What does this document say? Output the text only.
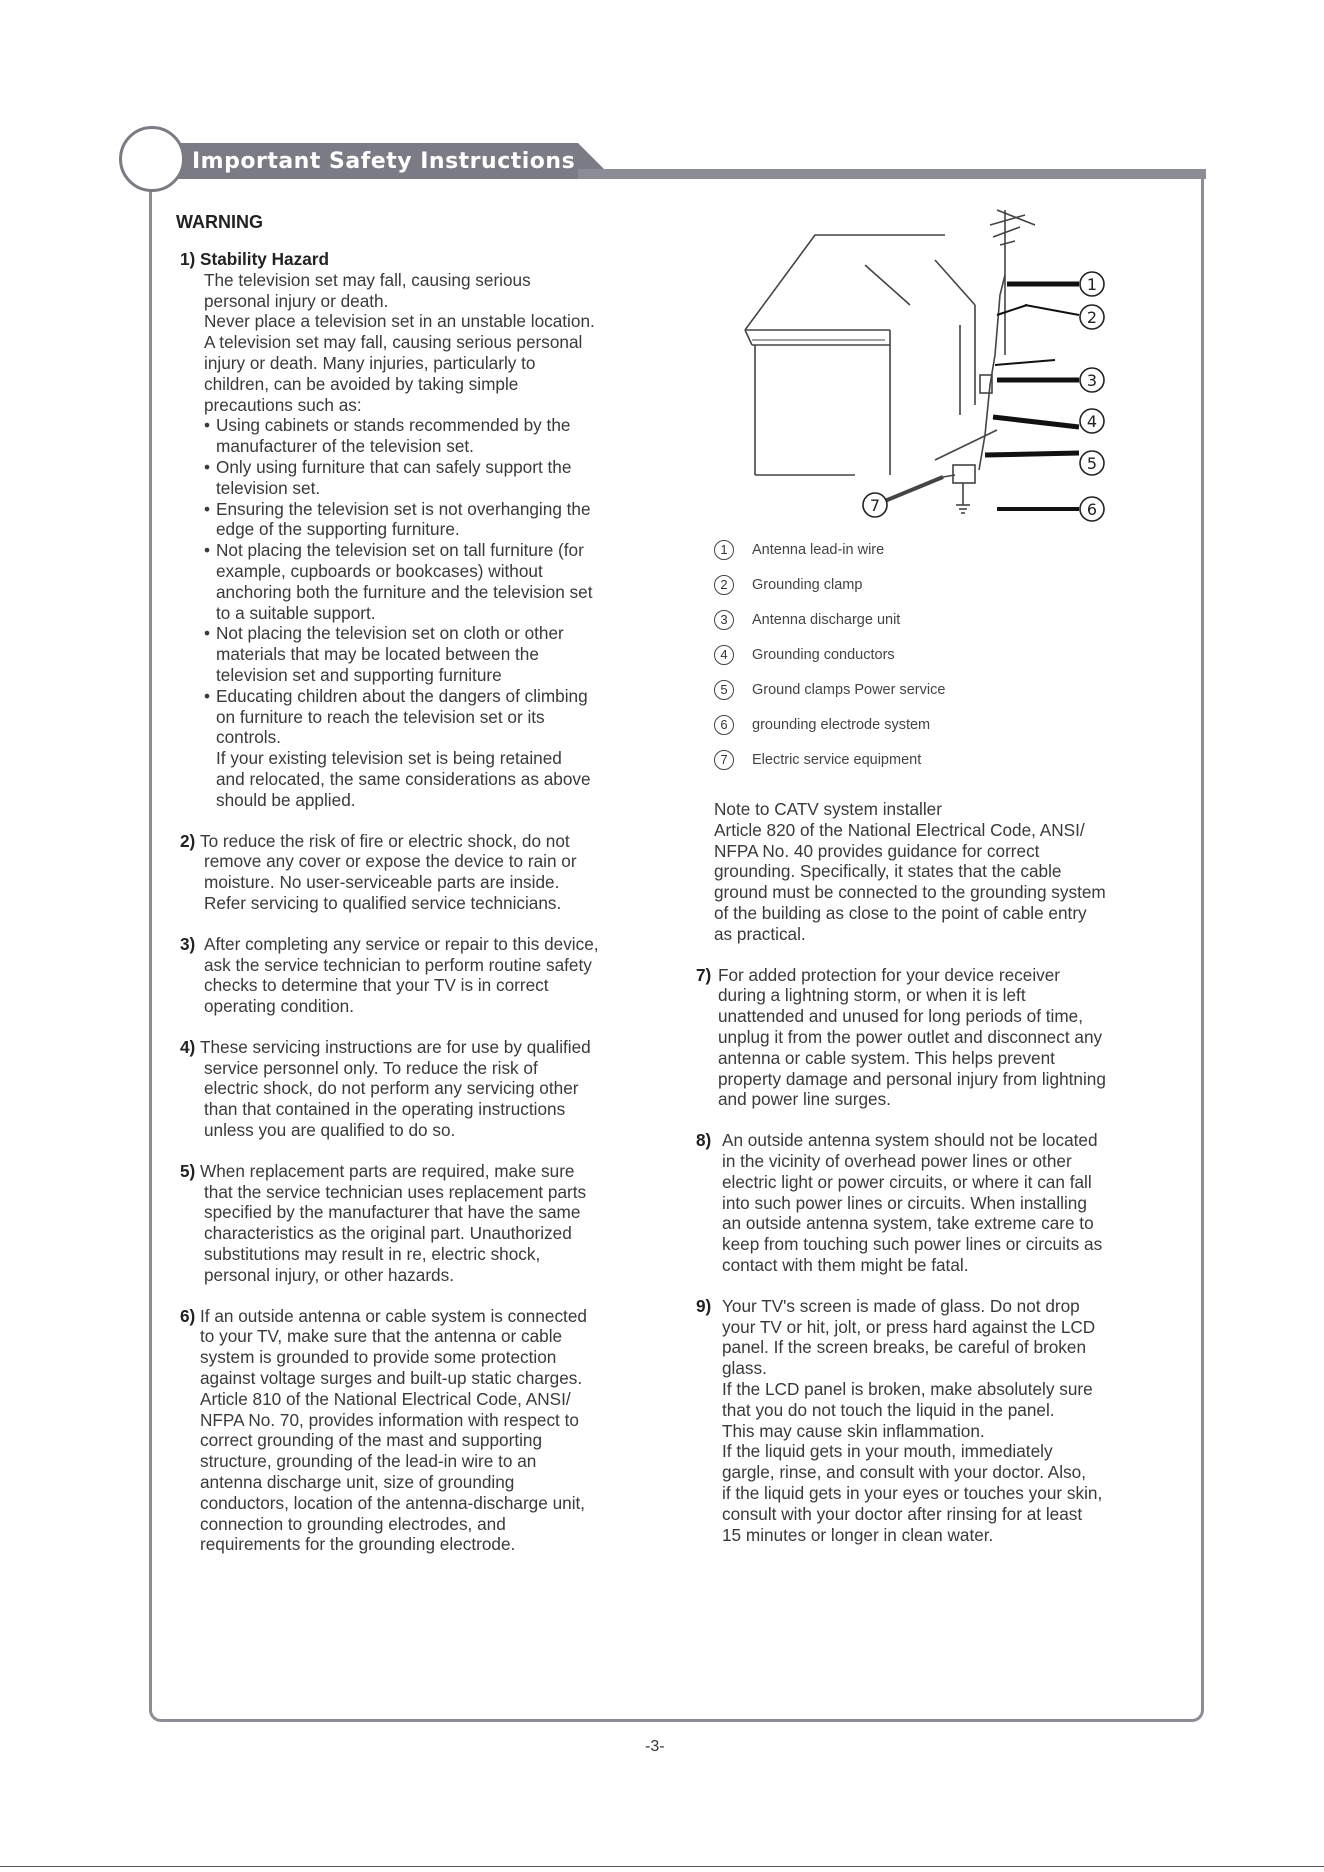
Important Safety Instructions
WARNING
1) Stability Hazard

The television set may fall, causing serious

personal injury or death.

Never place a television set in an unstable location.

A television set may fall, causing serious personal

injury or death. Many injuries, particularly to

children, can be avoided by taking simple

precautions such as:

• Using cabinets or stands recommended by the

manufacturer of the television set.

• Only using furniture that can safely support the

television set.

• Ensuring the television set is not overhanging the

edge of the supporting furniture.

• Not placing the television set on tall furniture (for

example, cupboards or bookcases) without

anchoring both the furniture and the television set

to a suitable support.

• Not placing the television set on cloth or other

materials that may be located between the

television set and supporting furniture

• Educating children about the dangers of climbing

on furniture to reach the television set or its

controls.

If your existing television set is being retained

and relocated, the same considerations as above

should be applied.

2) To reduce the risk of fire or electric shock, do not

remove any cover or expose the device to rain or

moisture. No user-serviceable parts are inside.

Refer servicing to qualified service technicians.

3) After completing any service or repair to this device,

ask the service technician to perform routine safety

checks to determine that your TV is in correct

operating condition.

4) These servicing instructions are for use by qualified

service personnel only. To reduce the risk of

electric shock, do not perform any servicing other

than that contained in the operating instructions

unless you are qualified to do so.

5) When replacement parts are required, make sure

that the service technician uses replacement parts

specified by the manufacturer that have the same

characteristics as the original part. Unauthorized

substitutions may result in re, electric shock,

personal injury, or other hazards.

6) If an outside antenna or cable system is connected

to your TV, make sure that the antenna or cable

system is grounded to provide some protection

against voltage surges and built-up static charges.

Article 810 of the National Electrical Code, ANSI/

NFPA No. 70, provides information with respect to

correct grounding of the mast and supporting

structure, grounding of the lead-in wire to an

antenna discharge unit, size of grounding

conductors, location of the antenna-discharge unit,

connection to grounding electrodes, and

requirements for the grounding electrode.

1
2
3
4
5
6
7
1	Antenna lead-in wire
2	Grounding clamp
3	Antenna discharge unit
4	Grounding conductors
5	Ground clamps Power service
6	grounding electrode system
7	Electric service equipment

Note to CATV system installer

Article 820 of the National Electrical Code, ANSI/

NFPA No. 40 provides guidance for correct

grounding. Specifically, it states that the cable

ground must be connected to the grounding system

of the building as close to the point of cable entry

as practical.

7) For added protection for your device receiver

during a lightning storm, or when it is left

unattended and unused for long periods of time,

unplug it from the power outlet and disconnect any

antenna or cable system. This helps prevent

property damage and personal injury from lightning

and power line surges.

8) An outside antenna system should not be located

in the vicinity of overhead power lines or other

electric light or power circuits, or where it can fall

into such power lines or circuits. When installing

an outside antenna system, take extreme care to

keep from touching such power lines or circuits as

contact with them might be fatal.

9) Your TV's screen is made of glass. Do not drop

your TV or hit, jolt, or press hard against the LCD

panel. If the screen breaks, be careful of broken

glass.

If the LCD panel is broken, make absolutely sure

that you do not touch the liquid in the panel.

This may cause skin inflammation.

If the liquid gets in your mouth, immediately

gargle, rinse, and consult with your doctor. Also,

if the liquid gets in your eyes or touches your skin,

consult with your doctor after rinsing for at least

15 minutes or longer in clean water.

-3-
